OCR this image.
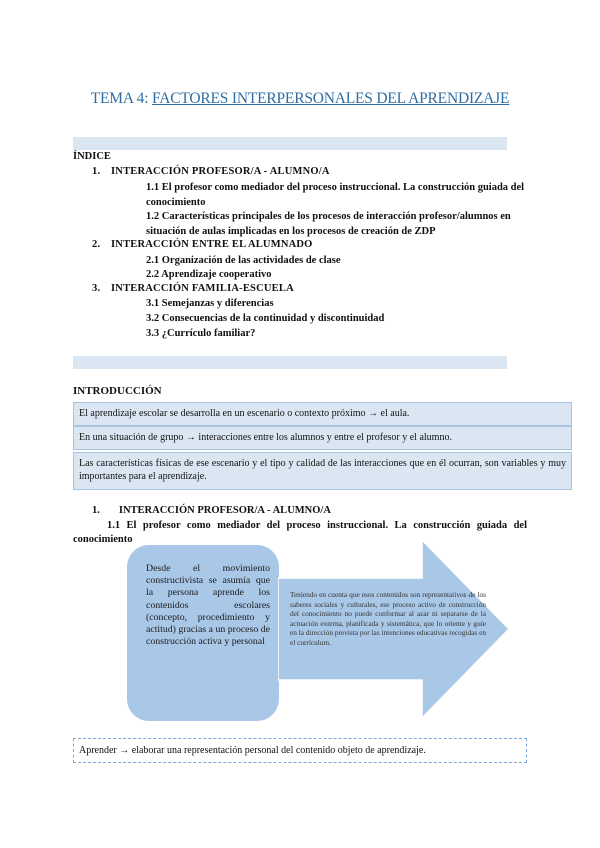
TEMA 4: FACTORES INTERPERSONALES DEL APRENDIZAJE
ÍNDICE
1. INTERACCIÓN PROFESOR/A - ALUMNO/A
1.1 El profesor como mediador del proceso instruccional. La construcción guiada del conocimiento
1.2 Características principales de los procesos de interacción profesor/alumnos en situación de aulas implicadas en los procesos de creación de ZDP
2. INTERACCIÓN ENTRE EL ALUMNADO
2.1 Organización de las actividades de clase
2.2 Aprendizaje cooperativo
3. INTERACCIÓN FAMILIA-ESCUELA
3.1 Semejanzas y diferencias
3.2 Consecuencias de la continuidad y discontinuidad
3.3 ¿Currículo familiar?
INTRODUCCIÓN
El aprendizaje escolar se desarrolla en un escenario o contexto próximo → el aula.
En una situación de grupo → interacciones entre los alumnos y entre el profesor y el alumno.
Las características físicas de ese escenario y el tipo y calidad de las interacciones que en él ocurran, son variables y muy importantes para el aprendizaje.
1. INTERACCIÓN PROFESOR/A - ALUMNO/A
1.1 El profesor como mediador del proceso instruccional. La construcción guiada del conocimiento
Desde el movimiento constructivista se asumía que la persona aprende los contenidos escolares (concepto, procedimiento y actitud) gracias a un proceso de construcción activa y personal
Teniendo en cuenta que esos contenidos son representativos de los saberes sociales y culturales, ese proceso activo de construcción del conocimiento no puede conformar al azar ni separarse de la actuación externa, planificada y sistemática, que lo oriente y guíe en la dirección prevista por las intenciones educativas recogidas en el currículum.
Aprender → elaborar una representación personal del contenido objeto de aprendizaje.
